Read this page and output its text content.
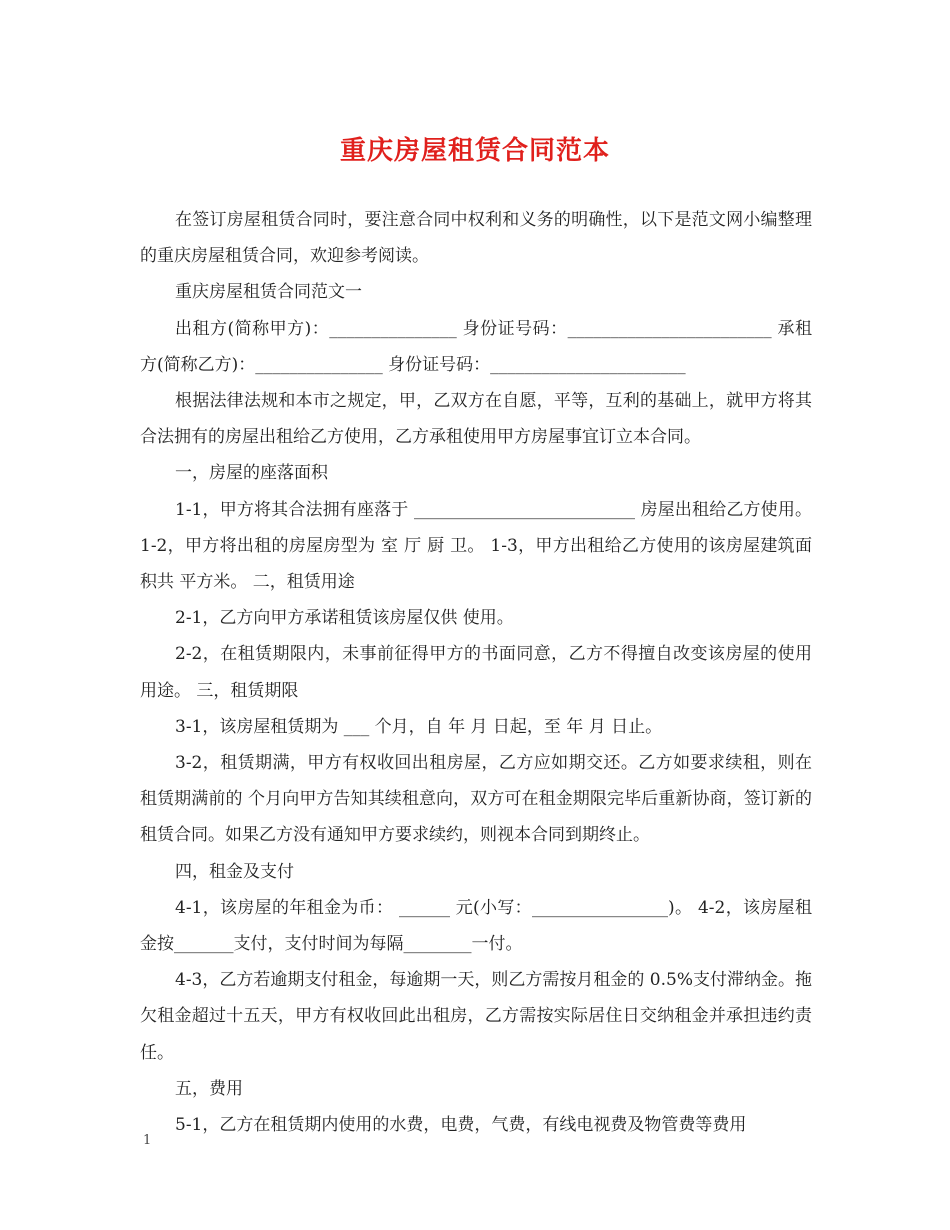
重庆房屋租赁合同范本

在签订房屋租赁合同时，要注意合同中权利和义务的明确性，以下是范文网小编整理的重庆房屋租赁合同，欢迎参考阅读。

重庆房屋租赁合同范文一

出租方(简称甲方)：_______________ 身份证号码：________________________ 承租方(简称乙方)：_______________ 身份证号码：_______________________

根据法律法规和本市之规定，甲，乙双方在自愿，平等，互利的基础上，就甲方将其合法拥有的房屋出租给乙方使用，乙方承租使用甲方房屋事宜订立本合同。

一，房屋的座落面积

1-1，甲方将其合法拥有座落于 __________________________ 房屋出租给乙方使用。 1-2，甲方将出租的房屋房型为 室 厅 厨 卫。 1-3，甲方出租给乙方使用的该房屋建筑面积共 平方米。 二，租赁用途

2-1，乙方向甲方承诺租赁该房屋仅供 使用。

2-2，在租赁期限内，未事前征得甲方的书面同意，乙方不得擅自改变该房屋的使用用途。 三，租赁期限

3-1，该房屋租赁期为 ___ 个月，自 年 月 日起，至 年 月 日止。

3-2，租赁期满，甲方有权收回出租房屋，乙方应如期交还。乙方如要求续租，则在租赁期满前的 个月向甲方告知其续租意向，双方可在租金期限完毕后重新协商，签订新的租赁合同。如果乙方没有通知甲方要求续约，则视本合同到期终止。

四，租金及支付

4-1，该房屋的年租金为币： ______ 元(小写：________________)。 4-2，该房屋租金按_______支付，支付时间为每隔________一付。

4-3，乙方若逾期支付租金，每逾期一天，则乙方需按月租金的 0.5%支付滞纳金。拖欠租金超过十五天，甲方有权收回此出租房，乙方需按实际居住日交纳租金并承担违约责任。

五，费用

5-1，乙方在租赁期内使用的水费，电费，气费，有线电视费及物管费等费用

1
